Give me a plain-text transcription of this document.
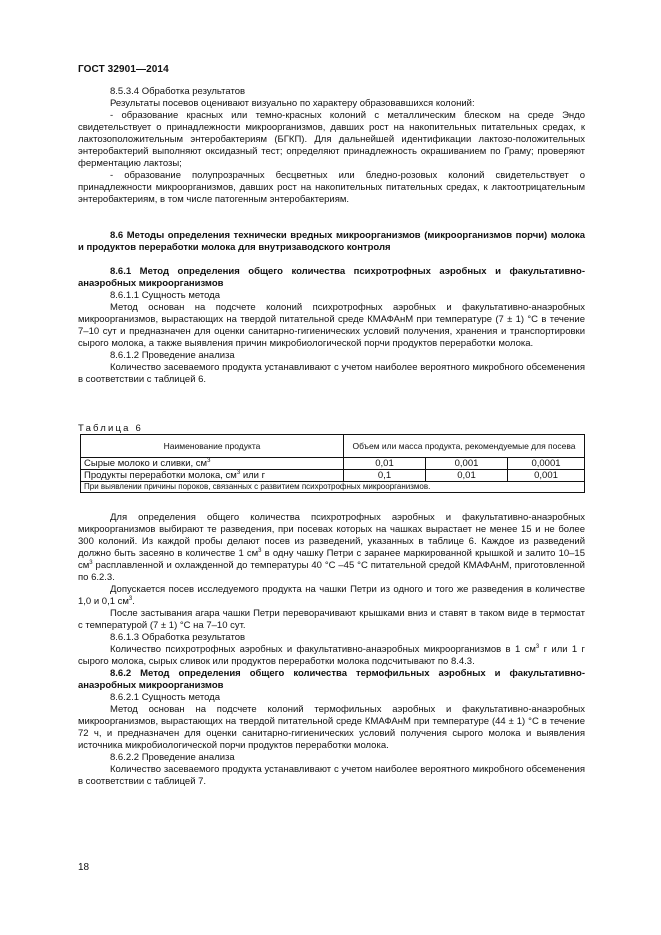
ГОСТ 32901—2014

8.5.3.4 Обработка результатов

Результаты посевов оценивают визуально по характеру образовавшихся колоний:

- образование красных или темно-красных колоний с металлическим блеском на среде Эндо свидетельствует о принадлежности микроорганизмов, давших рост на накопительных питательных средах, к лактозоположительным энтеробактериям (БГКП). Для дальнейшей идентификации лактозо-положительных энтеробактерий выполняют оксидазный тест; определяют принадлежность окрашиванием по Граму; проверяют ферментацию лактозы;

- образование полупрозрачных бесцветных или бледно-розовых колоний свидетельствует о принадлежности микроорганизмов, давших рост на накопительных питательных средах, к лактоотрицательным энтеробактериям, в том числе патогенным энтеробактериям.

8.6 Методы определения технически вредных микроорганизмов (микроорганизмов порчи) молока и продуктов переработки молока для внутризаводского контроля

8.6.1 Метод определения общего количества психротрофных аэробных и факультативно-анаэробных микроорганизмов

8.6.1.1 Сущность метода

Метод основан на подсчете колоний психротрофных аэробных и факультативно-анаэробных микроорганизмов, вырастающих на твердой питательной среде КМАФАнМ при температуре (7 ± 1) °С в течение 7–10 сут и предназначен для оценки санитарно-гигиенических условий получения, хранения и транспортировки сырого молока, а также выявления причин микробиологической порчи продуктов переработки молока.

8.6.1.2 Проведение анализа

Количество засеваемого продукта устанавливают с учетом наиболее вероятного микробного обсеменения в соответствии с таблицей 6.

Таблица 6
Наименование продукта	Объем или масса продукта, рекомендуемые для посева		
Сырые молоко и сливки, $см^3$	0,01	0,001	0,0001
Продукты переработки молока, $см^3$ или г	0,1	0,01	0,001
При выявлении причины пороков, связанных с развитием психротрофных микроорганизмов.			

Для определения общего количества психротрофных аэробных и факультативно-анаэробных микроорганизмов выбирают те разведения, при посевах которых на чашках вырастает не менее 15 и не более 300 колоний. Из каждой пробы делают посев из разведений, указанных в таблице 6. Каждое из разведений должно быть засеяно в количестве 1 $см^3$ в одну чашку Петри с заранее маркированной крышкой и залито 10–15 $см^3$ расплавленной и охлажденной до температуры 40 °С –45 °С питательной средой КМАФАнМ, приготовленной по 6.2.3.

Допускается посев исследуемого продукта на чашки Петри из одного и того же разведения в количестве 1,0 и 0,1 $см^3$.

После застывания агара чашки Петри переворачивают крышками вниз и ставят в таком виде в термостат с температурой (7 ± 1) °С на 7–10 сут.

8.6.1.3 Обработка результатов

Количество психротрофных аэробных и факультативно-анаэробных микроорганизмов в 1 $см^3$ г или 1 г сырого молока, сырых сливок или продуктов переработки молока подсчитывают по 8.4.3.

8.6.2 Метод определения общего количества термофильных аэробных и факультативно-анаэробных микроорганизмов

8.6.2.1 Сущность метода

Метод основан на подсчете колоний термофильных аэробных и факультативно-анаэробных микроорганизмов, вырастающих на твердой питательной среде КМАФАнМ при температуре (44 ± 1) °С в течение 72 ч, и предназначен для оценки санитарно-гигиенических условий получения сырого молока и выявления источника микробиологической порчи продуктов переработки молока.

8.6.2.2 Проведение анализа

Количество засеваемого продукта устанавливают с учетом наиболее вероятного микробного обсеменения в соответствии с таблицей 7.

18
